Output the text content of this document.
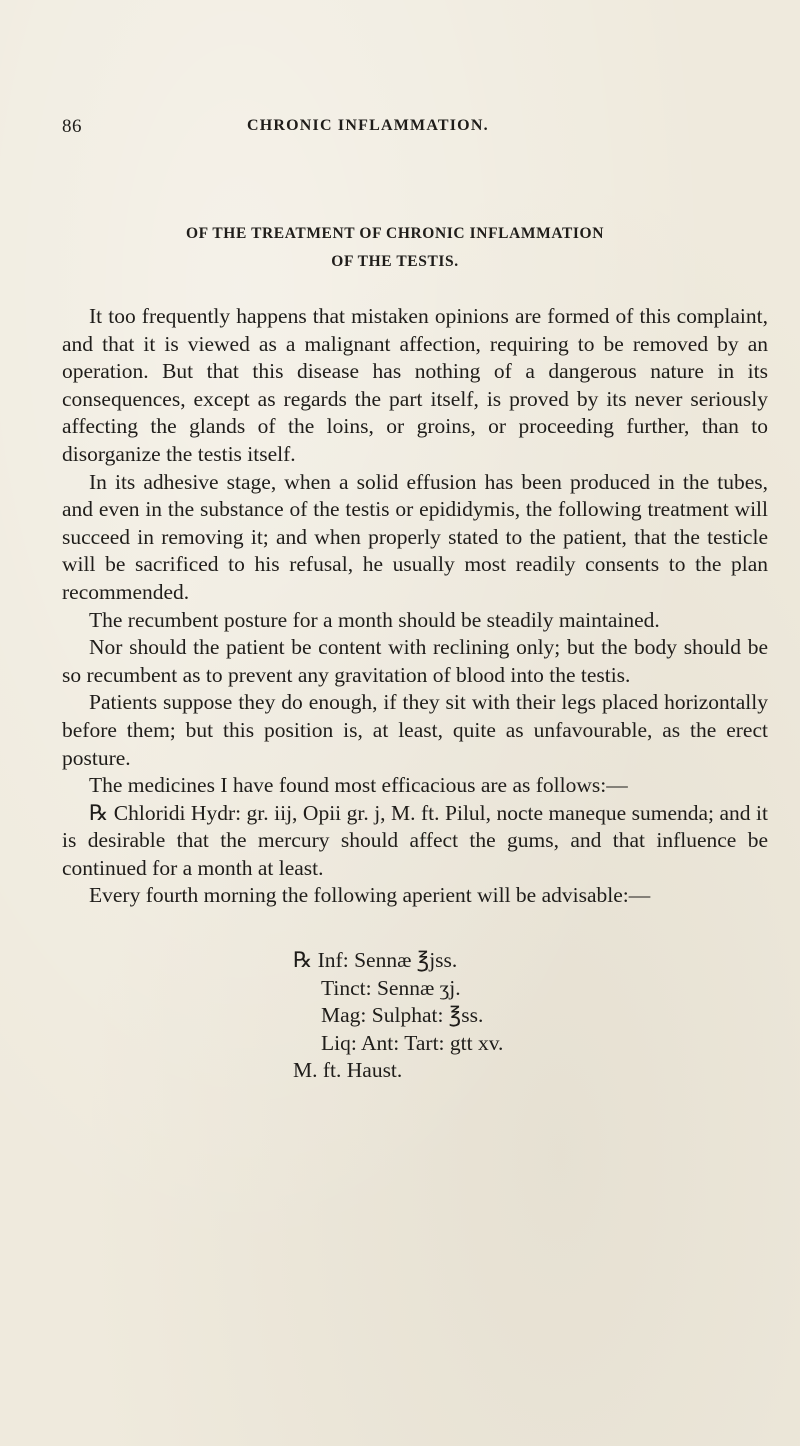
86	CHRONIC INFLAMMATION.
OF THE TREATMENT OF CHRONIC INFLAMMATION
OF THE TESTIS.

It too frequently happens that mistaken opinions are formed of this complaint, and that it is viewed as a malignant affection, requiring to be removed by an operation. But that this disease has nothing of a dangerous nature in its consequences, except as regards the part itself, is proved by its never seriously affecting the glands of the loins, or groins, or proceeding further, than to disorganize the testis itself.

In its adhesive stage, when a solid effusion has been produced in the tubes, and even in the substance of the testis or epididymis, the following treatment will succeed in removing it; and when properly stated to the patient, that the testicle will be sacrificed to his refusal, he usually most readily consents to the plan recommended.

The recumbent posture for a month should be steadily maintained.

Nor should the patient be content with reclining only; but the body should be so recumbent as to prevent any gravitation of blood into the testis.

Patients suppose they do enough, if they sit with their legs placed horizontally before them; but this position is, at least, quite as unfavourable, as the erect posture.

The medicines I have found most efficacious are as follows:—

℞ Chloridi Hydr: gr. iij, Opii gr. j, M. ft. Pilul, nocte maneque sumenda; and it is desirable that the mercury should affect the gums, and that influence be continued for a month at least.

Every fourth morning the following aperient will be advisable:—

℞ Inf: Sennæ ℥jss.
Tinct: Sennæ ʒj.
Mag: Sulphat: ℥ss.
Liq: Ant: Tart: gtt xv.
M. ft. Haust.
